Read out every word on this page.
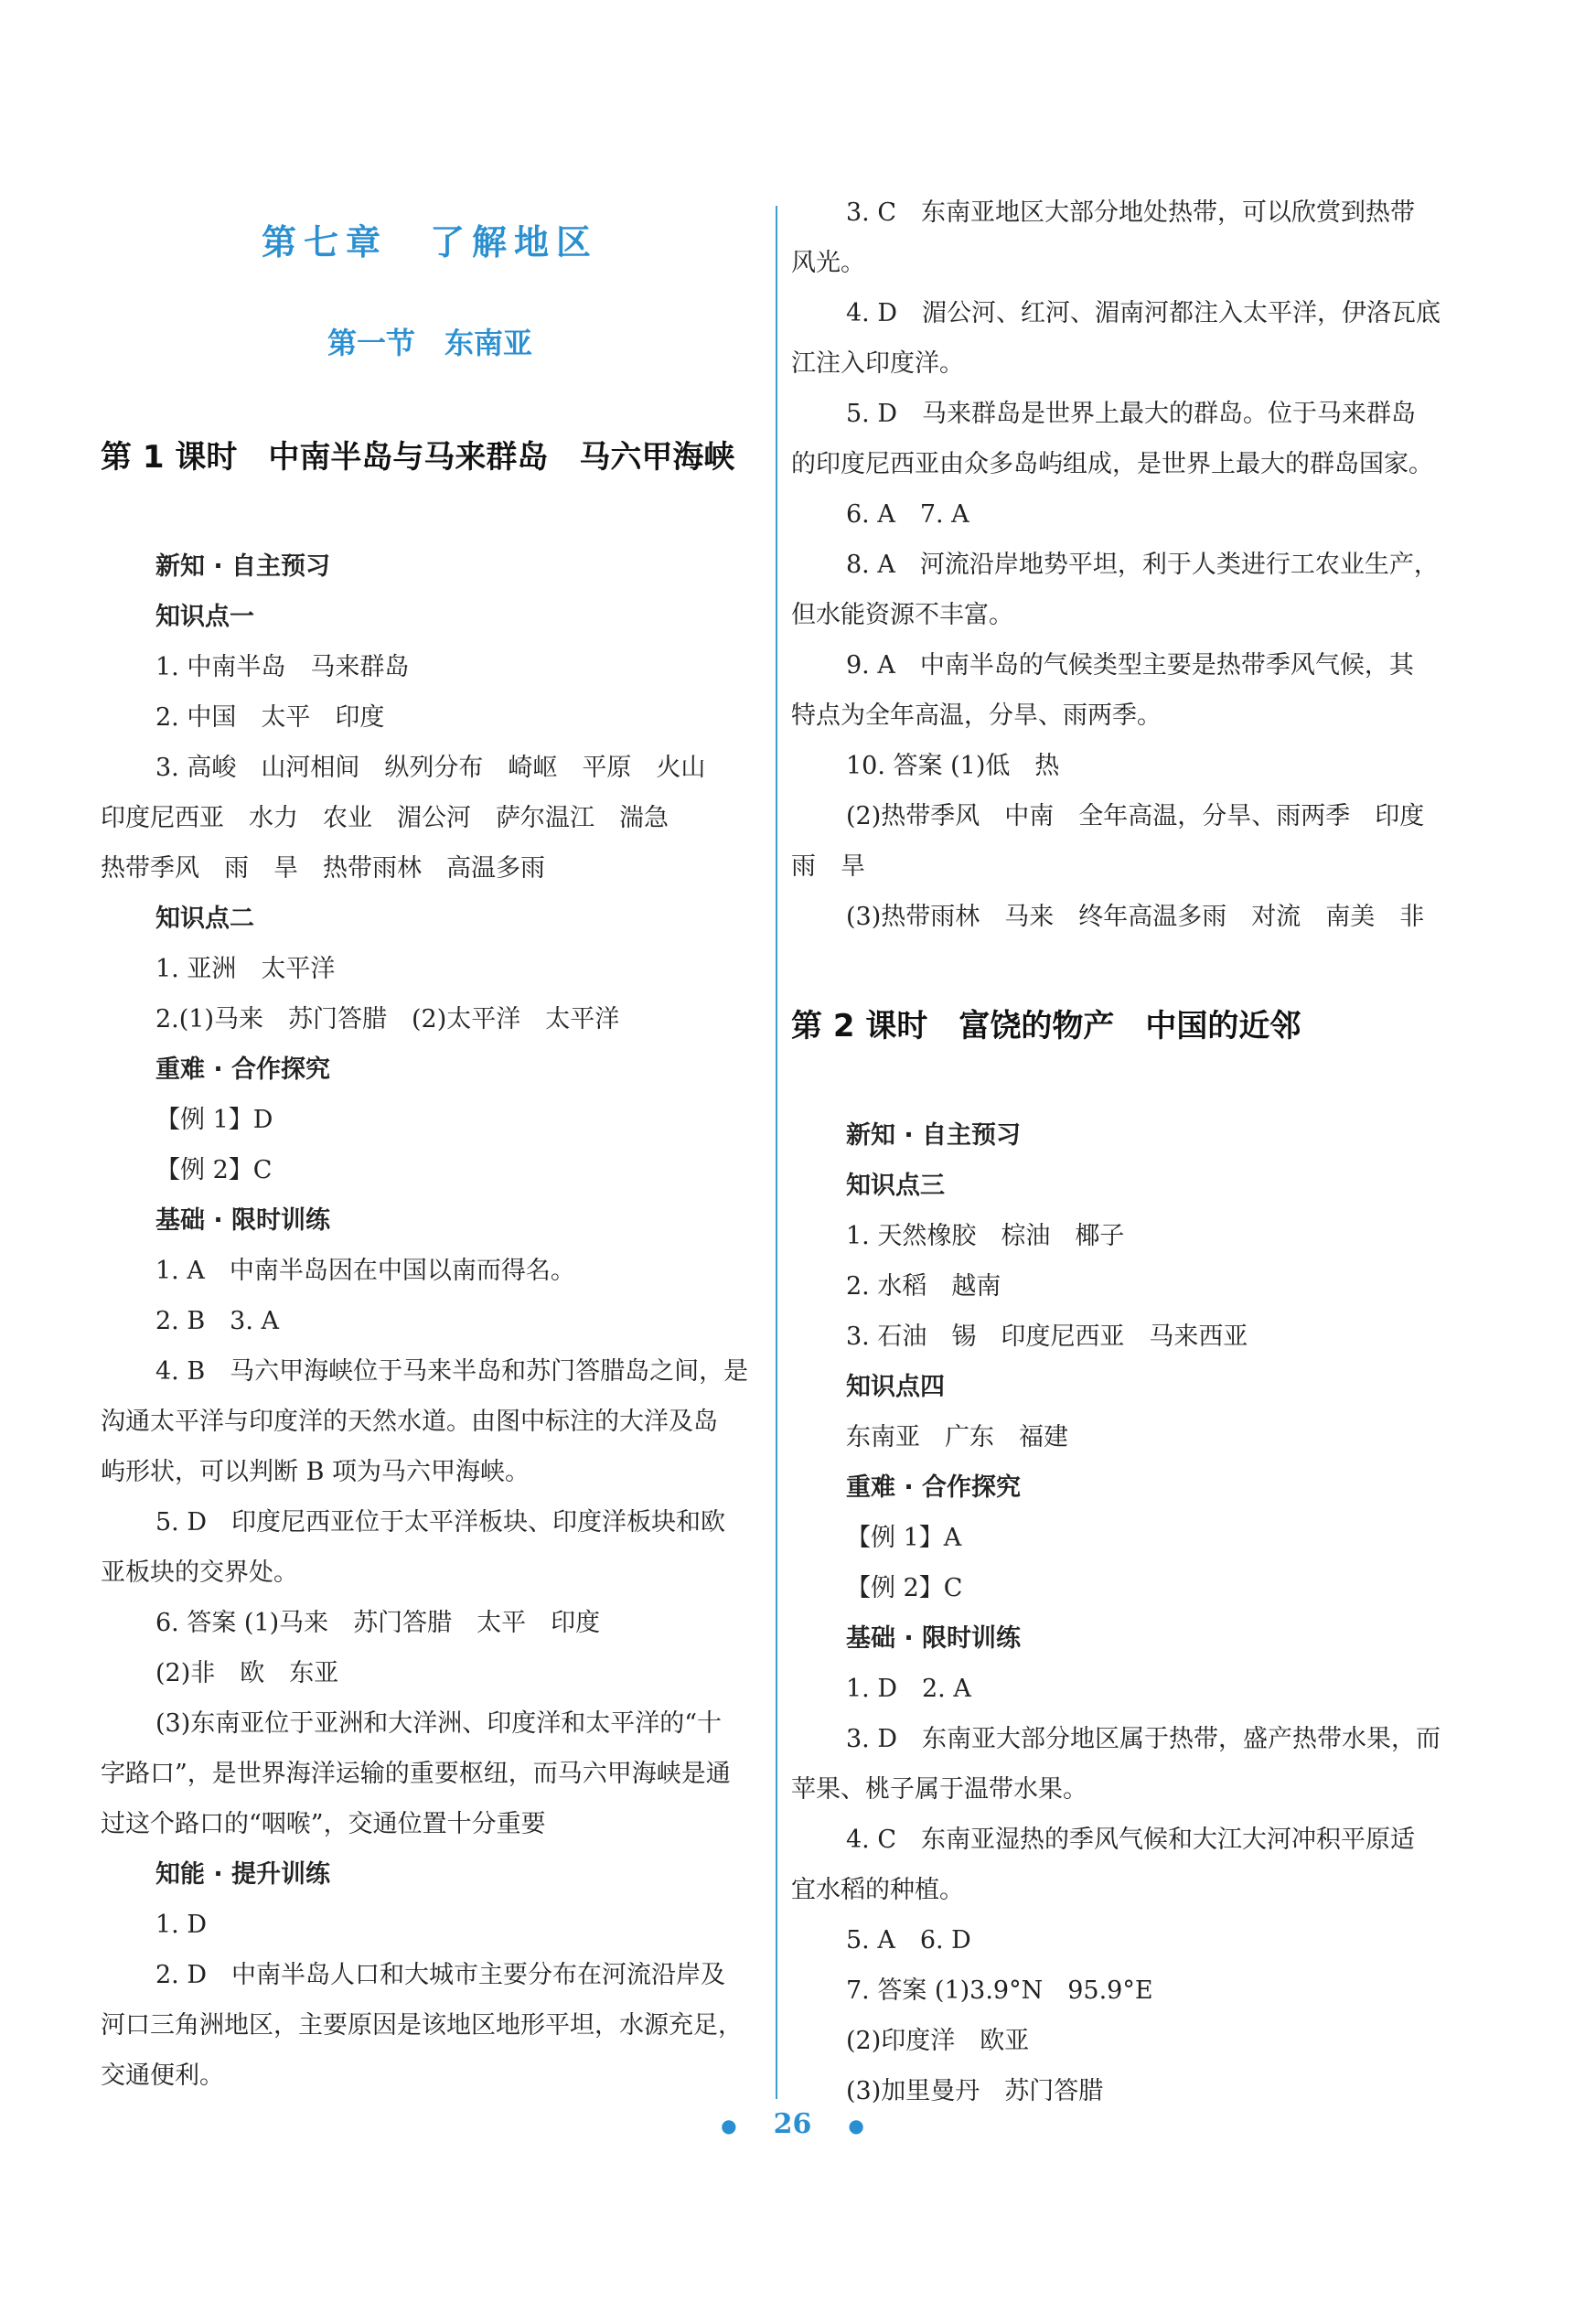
第七章　了解地区
第一节　东南亚
第 1 课时　中南半岛与马来群岛　马六甲海峡
新知 · 自主预习
知识点一
1. 中南半岛　马来群岛
2. 中国　太平　印度
3. 高峻　山河相间　纵列分布　崎岖　平原　火山
印度尼西亚　水力　农业　湄公河　萨尔温江　湍急
热带季风　雨　旱　热带雨林　高温多雨
知识点二
1. 亚洲　太平洋
2.(1)马来　苏门答腊　(2)太平洋　太平洋
重难 · 合作探究
【例 1】D
【例 2】C
基础 · 限时训练
1. A　中南半岛因在中国以南而得名。
2. B　3. A
4. B　马六甲海峡位于马来半岛和苏门答腊岛之间，是
沟通太平洋与印度洋的天然水道。由图中标注的大洋及岛
屿形状，可以判断 B 项为马六甲海峡。
5. D　印度尼西亚位于太平洋板块、印度洋板块和欧
亚板块的交界处。
6. 答案 (1)马来　苏门答腊　太平　印度
(2)非　欧　东亚
(3)东南亚位于亚洲和大洋洲、印度洋和太平洋的“十
字路口”，是世界海洋运输的重要枢纽，而马六甲海峡是通
过这个路口的“咽喉”，交通位置十分重要
知能 · 提升训练
1. D
2. D　中南半岛人口和大城市主要分布在河流沿岸及
河口三角洲地区，主要原因是该地区地形平坦，水源充足，
交通便利。
3. C　东南亚地区大部分地处热带，可以欣赏到热带
风光。
4. D　湄公河、红河、湄南河都注入太平洋，伊洛瓦底
江注入印度洋。
5. D　马来群岛是世界上最大的群岛。位于马来群岛
的印度尼西亚由众多岛屿组成，是世界上最大的群岛国家。
6. A　7. A
8. A　河流沿岸地势平坦，利于人类进行工农业生产，
但水能资源不丰富。
9. A　中南半岛的气候类型主要是热带季风气候，其
特点为全年高温，分旱、雨两季。
10. 答案 (1)低　热
(2)热带季风　中南　全年高温，分旱、雨两季　印度
雨　旱
(3)热带雨林　马来　终年高温多雨　对流　南美　非
第 2 课时　富饶的物产　中国的近邻
新知 · 自主预习
知识点三
1. 天然橡胶　棕油　椰子
2. 水稻　越南
3. 石油　锡　印度尼西亚　马来西亚
知识点四
东南亚　广东　福建
重难 · 合作探究
【例 1】A
【例 2】C
基础 · 限时训练
1. D　2. A
3. D　东南亚大部分地区属于热带，盛产热带水果，而
苹果、桃子属于温带水果。
4. C　东南亚湿热的季风气候和大江大河冲积平原适
宜水稻的种植。
5. A　6. D
7. 答案 (1)3.9°N　95.9°E
(2)印度洋　欧亚
(3)加里曼丹　苏门答腊
● 26 ●
